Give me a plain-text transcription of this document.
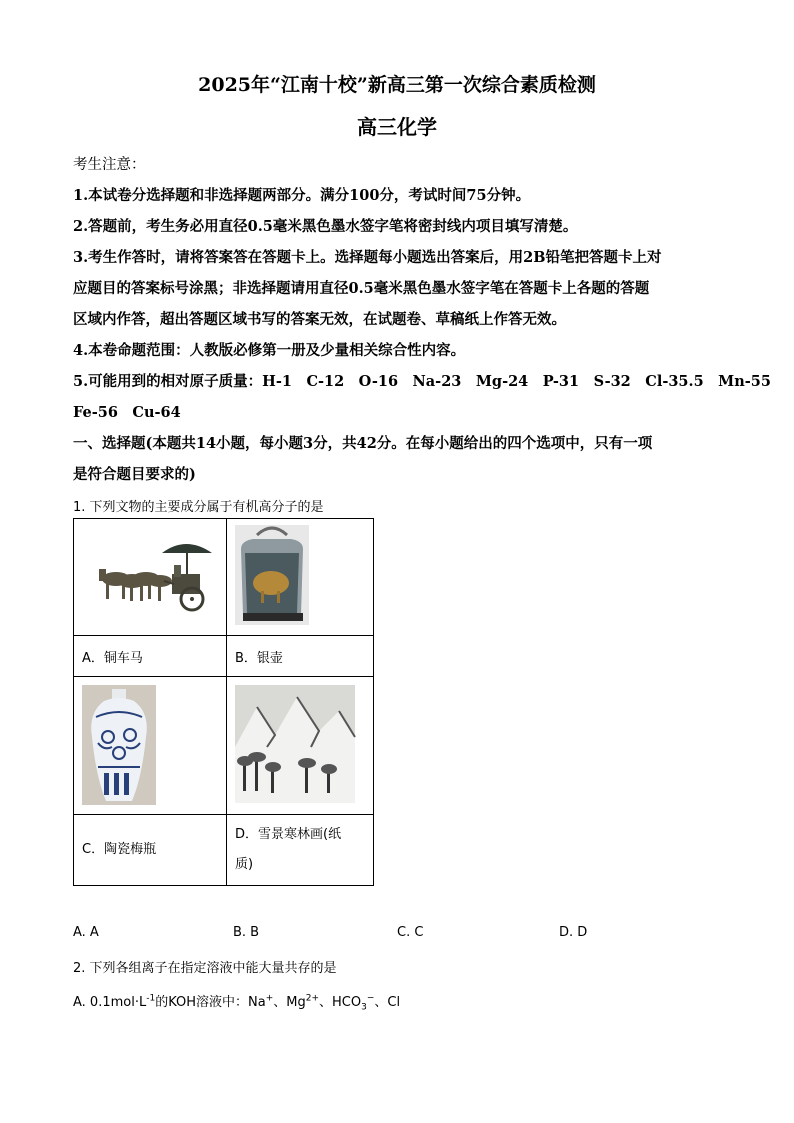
2025年“江南十校”新高三第一次综合素质检测
高三化学
考生注意：
1.本试卷分选择题和非选择题两部分。满分100分，考试时间75分钟。
2.答题前，考生务必用直径0.5毫米黑色墨水签字笔将密封线内项目填写清楚。
3.考生作答时，请将答案答在答题卡上。选择题每小题选出答案后，用2B铅笔把答题卡上对
应题目的答案标号涂黑；非选择题请用直径0.5毫米黑色墨水签字笔在答题卡上各题的答题
区域内作答，超出答题区域书写的答案无效，在试题卷、草稿纸上作答无效。
4.本卷命题范围：人教版必修第一册及少量相关综合性内容。
5.可能用到的相对原子质量：H-1　C-12　O-16　Na-23　Mg-24　P-31　S-32　Cl-35.5　Mn-55
Fe-56　Cu-64
一、选择题(本题共14小题，每小题3分，共42分。在每小题给出的四个选项中，只有一项
是符合题目要求的)
1. 下列文物的主要成分属于有机高分子的是

A．铜车马	B．银壶

C．陶瓷梅瓶	D．雪景寒林画(纸
质)
A. A	B. B	C. C	D. D
2. 下列各组离子在指定溶液中能大量共存的是
A. $0.1mol\cdot L^{-1}$的KOH溶液中：Na+、$Mg^{2+}$、$HCO_3^-$、Cl
